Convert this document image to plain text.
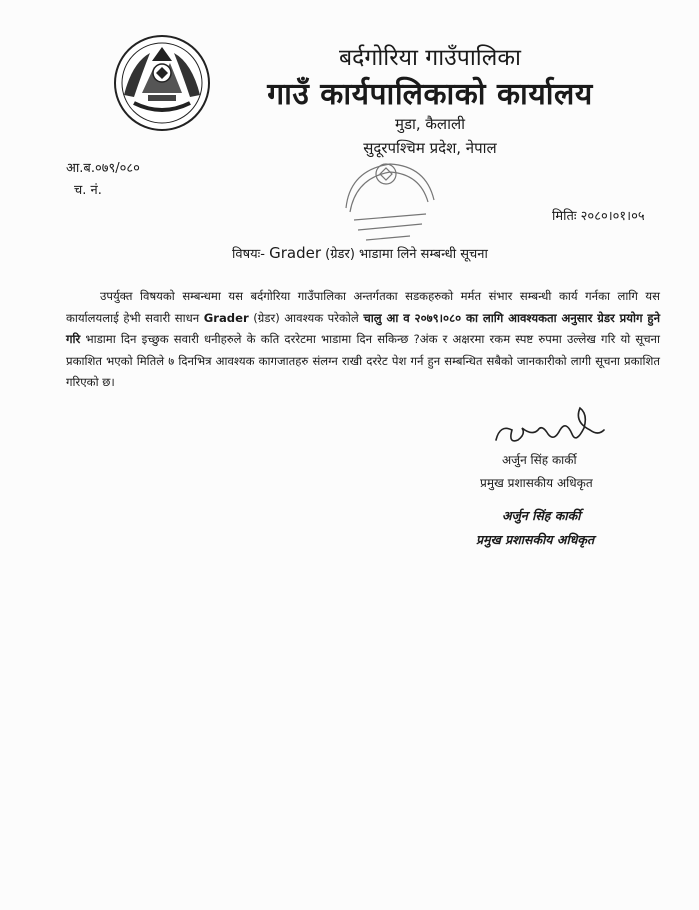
बर्दगोरिया गाउँपालिका
गाउँ कार्यपालिकाको कार्यालय
मुडा, कैलाली
सुदूरपश्चिम प्रदेश, नेपाल
आ.ब.०७९/०८०
च. नं.
मितिः २०८०।०१।०५
विषयः- Grader (ग्रेडर) भाडामा लिने सम्बन्धी सूचना
उपर्युक्त विषयको सम्बन्धमा यस बर्दगोरिया गाउँपालिका अन्तर्गतका सडकहरुको मर्मत संभार सम्बन्धी कार्य गर्नका लागि यस कार्यालयलाई हेभी सवारी साधन Grader (ग्रेडर) आवश्यक परेकोले चालु आ व २०७९।०८० का लागि आवश्यकता अनुसार ग्रेडर प्रयोग हुने गरि भाडामा दिन इच्छुक सवारी धनीहरुले के कति दररेटमा भाडामा दिन सकिन्छ ?अंक र अक्षरमा रकम स्पष्ट रुपमा उल्लेख गरि यो सूचना प्रकाशित भएको मितिले ७ दिनभित्र आवश्यक कागजातहरु संलग्न राखी दररेट पेश गर्न हुन सम्बन्धित सबैको जानकारीको लागी सूचना प्रकाशित गरिएको छ।
अर्जुन सिंह कार्की
प्रमुख प्रशासकीय अधिकृत
अर्जुन सिंह कार्की
प्रमुख प्रशासकीय अधिकृत
